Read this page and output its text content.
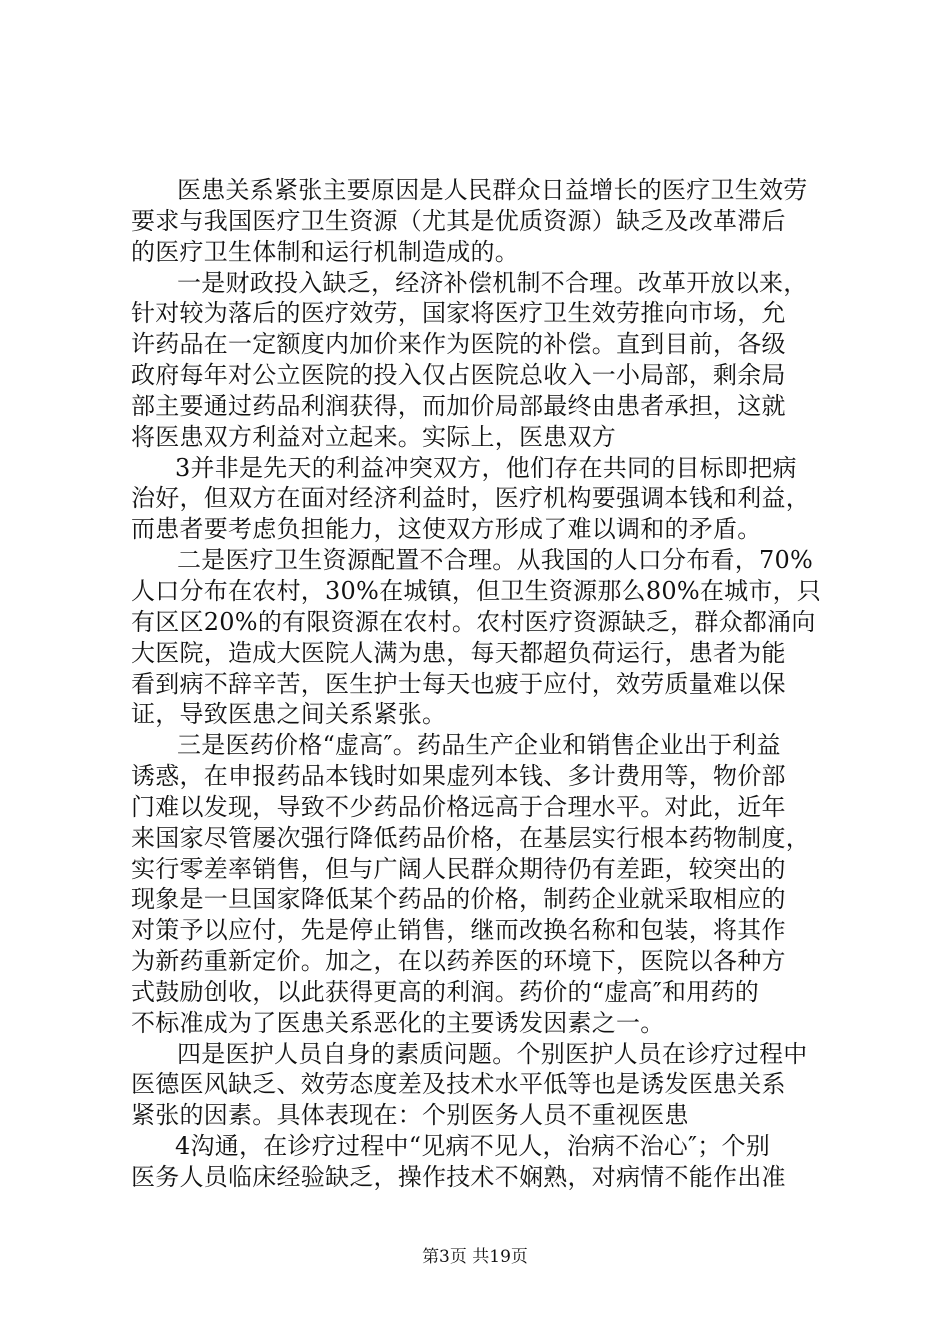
医患关系紧张主要原因是人民群众日益增长的医疗卫生效劳
要求与我国医疗卫生资源（尤其是优质资源）缺乏及改革滞后
的医疗卫生体制和运行机制造成的。
一是财政投入缺乏，经济补偿机制不合理。改革开放以来，
针对较为落后的医疗效劳，国家将医疗卫生效劳推向市场，允
许药品在一定额度内加价来作为医院的补偿。直到目前，各级
政府每年对公立医院的投入仅占医院总收入一小局部，剩余局
部主要通过药品利润获得，而加价局部最终由患者承担，这就
将医患双方利益对立起来。实际上，医患双方
3并非是先天的利益冲突双方，他们存在共同的目标即把病
治好，但双方在面对经济利益时，医疗机构要强调本钱和利益，
而患者要考虑负担能力，这使双方形成了难以调和的矛盾。
二是医疗卫生资源配置不合理。从我国的人口分布看，70%
人口分布在农村，30%在城镇，但卫生资源那么80%在城市，只
有区区20%的有限资源在农村。农村医疗资源缺乏，群众都涌向
大医院，造成大医院人满为患，每天都超负荷运行，患者为能
看到病不辞辛苦，医生护士每天也疲于应付，效劳质量难以保
证，导致医患之间关系紧张。
三是医药价格“虚高″。药品生产企业和销售企业出于利益
诱惑，在申报药品本钱时如果虚列本钱、多计费用等，物价部
门难以发现，导致不少药品价格远高于合理水平。对此，近年
来国家尽管屡次强行降低药品价格，在基层实行根本药物制度，
实行零差率销售，但与广阔人民群众期待仍有差距，较突出的
现象是一旦国家降低某个药品的价格，制药企业就采取相应的
对策予以应付，先是停止销售，继而改换名称和包装，将其作
为新药重新定价。加之，在以药养医的环境下，医院以各种方
式鼓励创收，以此获得更高的利润。药价的“虚高″和用药的
不标准成为了医患关系恶化的主要诱发因素之一。
四是医护人员自身的素质问题。个别医护人员在诊疗过程中
医德医风缺乏、效劳态度差及技术水平低等也是诱发医患关系
紧张的因素。具体表现在：个别医务人员不重视医患
4沟通，在诊疗过程中“见病不见人，治病不治心″；个别
医务人员临床经验缺乏，操作技术不娴熟，对病情不能作出准
第3页 共19页
